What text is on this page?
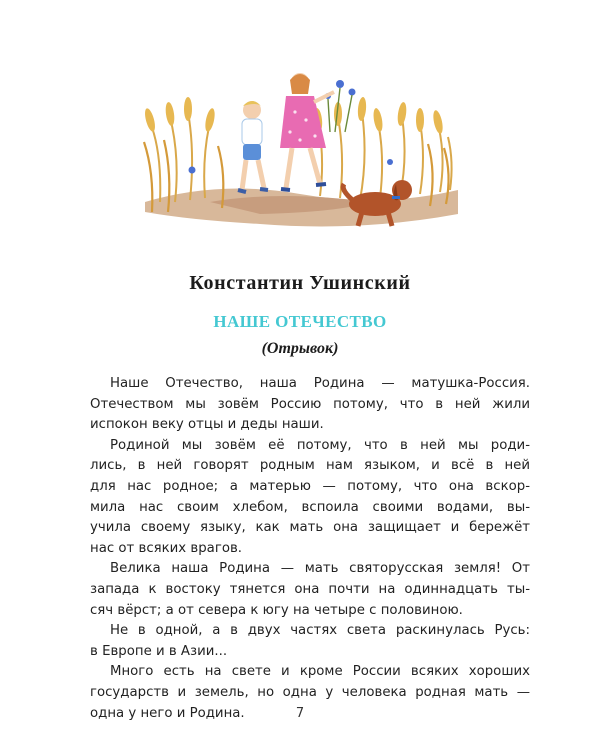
Константин Ушинский
НАШЕ ОТЕЧЕСТВО
(Отрывок)
Наше Отечество, наша Родина — матушка-Россия.
Отечеством мы зовём Россию потому, что в ней жили
испокон веку отцы и деды наши.
Родиной мы зовём её потому, что в ней мы роди-
лись, в ней говорят родным нам языком, и всё в ней
для нас родное; а матерью — потому, что она вскор-
мила нас своим хлебом, вспоила своими водами, вы-
учила своему языку, как мать она защищает и бережёт
нас от всяких врагов.
Велика наша Родина — мать святорусская земля! От
запада к востоку тянется она почти на одиннадцать ты-
сяч вёрст; а от севера к югу на четыре с половиною.
Не в одной, а в двух частях света раскинулась Русь:
в Европе и в Азии...
Много есть на свете и кроме России всяких хороших
государств и земель, но одна у человека родная мать —
одна у него и Родина.	7
